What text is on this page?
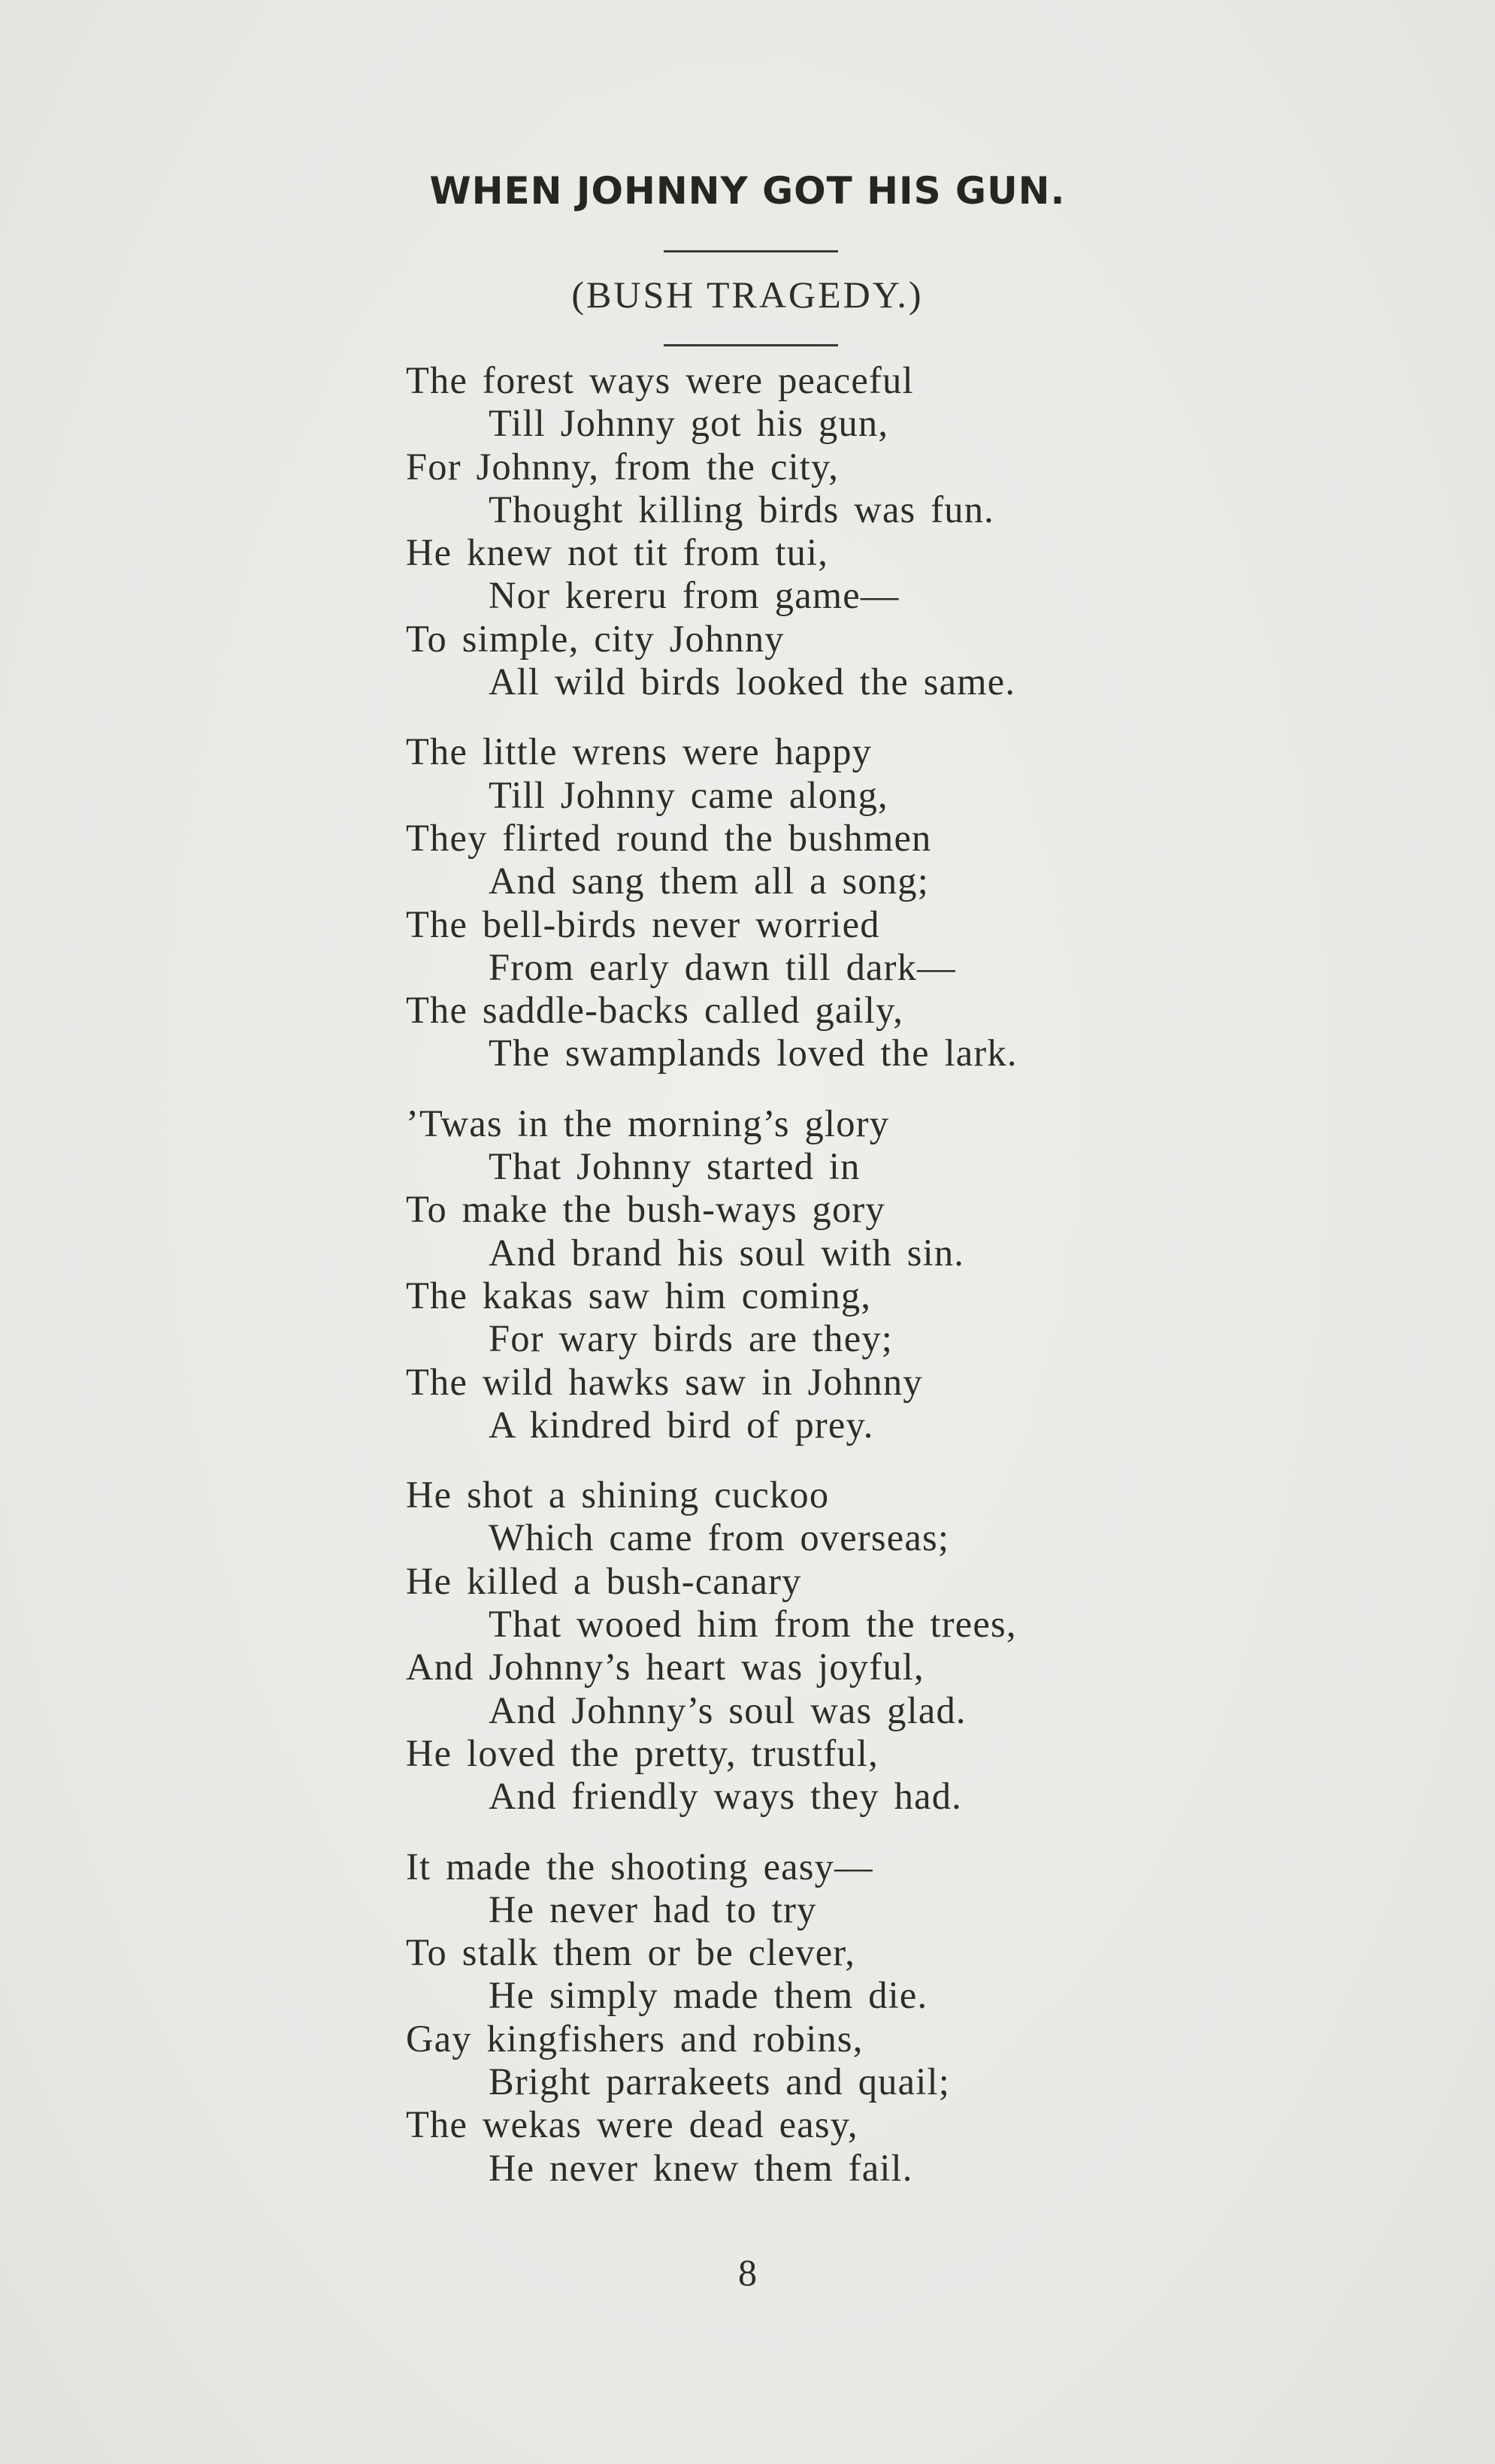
WHEN JOHNNY GOT HIS GUN.
(BUSH TRAGEDY.)
The forest ways were peaceful
Till Johnny got his gun,
For Johnny, from the city,
Thought killing birds was fun.
He knew not tit from tui,
Nor kereru from game—
To simple, city Johnny
All wild birds looked the same.
The little wrens were happy
Till Johnny came along,
They flirted round the bushmen
And sang them all a song;
The bell-birds never worried
From early dawn till dark—
The saddle-backs called gaily,
The swamplands loved the lark.
’Twas in the morning’s glory
That Johnny started in
To make the bush-ways gory
And brand his soul with sin.
The kakas saw him coming,
For wary birds are they;
The wild hawks saw in Johnny
A kindred bird of prey.
He shot a shining cuckoo
Which came from overseas;
He killed a bush-canary
That wooed him from the trees,
And Johnny’s heart was joyful,
And Johnny’s soul was glad.
He loved the pretty, trustful,
And friendly ways they had.
It made the shooting easy—
He never had to try
To stalk them or be clever,
He simply made them die.
Gay kingfishers and robins,
Bright parrakeets and quail;
The wekas were dead easy,
He never knew them fail.
8
